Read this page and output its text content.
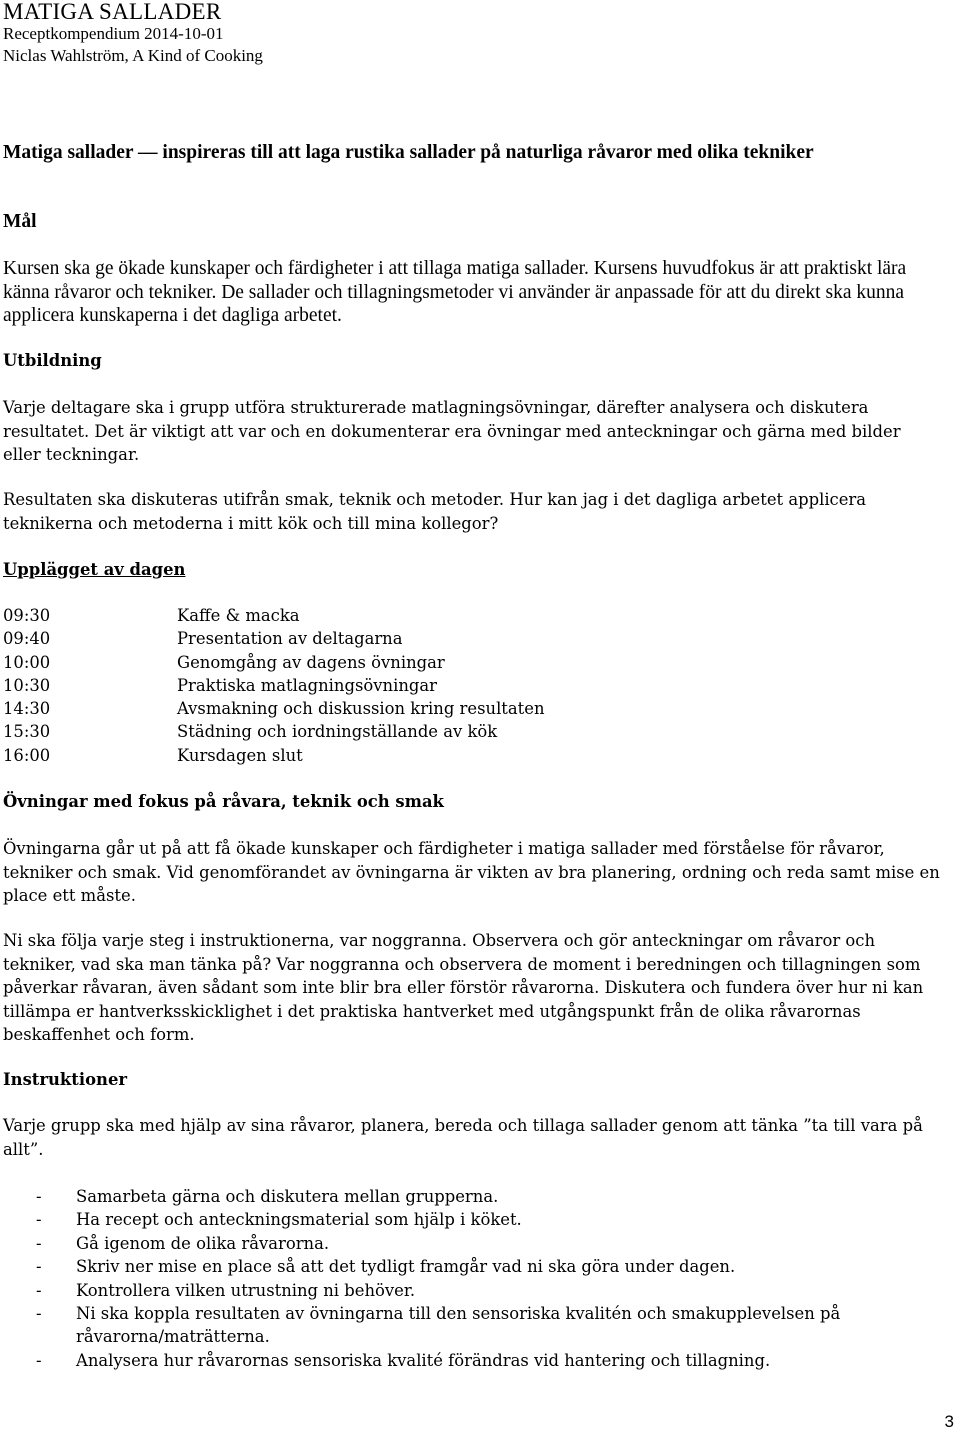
MATIGA SALLADER
Receptkompendium 2014-10-01
Niclas Wahlström, A Kind of Cooking

Matiga sallader — inspireras till att laga rustika sallader på naturliga råvaror med olika tekniker

Mål

Kursen ska ge ökade kunskaper och färdigheter i att tillaga matiga sallader. Kursens huvudfokus är att praktiskt lära känna råvaror och tekniker. De sallader och tillagningsmetoder vi använder är anpassade för att du direkt ska kunna applicera kunskaperna i det dagliga arbetet.

Utbildning

Varje deltagare ska i grupp utföra strukturerade matlagningsövningar, därefter analysera och diskutera resultatet. Det är viktigt att var och en dokumenterar era övningar med anteckningar och gärna med bilder eller teckningar.

Resultaten ska diskuteras utifrån smak, teknik och metoder. Hur kan jag i det dagliga arbetet applicera teknikerna och metoderna i mitt kök och till mina kollegor?

Upplägget av dagen

09:30	Kaffe & macka
09:40	Presentation av deltagarna
10:00	Genomgång av dagens övningar
10:30	Praktiska matlagningsövningar
14:30	Avsmakning och diskussion kring resultaten
15:30	Städning och iordningställande av kök
16:00	Kursdagen slut

Övningar med fokus på råvara, teknik och smak

Övningarna går ut på att få ökade kunskaper och färdigheter i matiga sallader med förståelse för råvaror, tekniker och smak. Vid genomförandet av övningarna är vikten av bra planering, ordning och reda samt mise en place ett måste.

Ni ska följa varje steg i instruktionerna, var noggranna. Observera och gör anteckningar om råvaror och tekniker, vad ska man tänka på? Var noggranna och observera de moment i beredningen och tillagningen som påverkar råvaran, även sådant som inte blir bra eller förstör råvarorna. Diskutera och fundera över hur ni kan tillämpa er hantverksskicklighet i det praktiska hantverket med utgångspunkt från de olika råvarornas beskaffenhet och form.

Instruktioner

Varje grupp ska med hjälp av sina råvaror, planera, bereda och tillaga sallader genom att tänka ”ta till vara på allt”.

- Samarbeta gärna och diskutera mellan grupperna.
- Ha recept och anteckningsmaterial som hjälp i köket.
- Gå igenom de olika råvarorna.
- Skriv ner mise en place så att det tydligt framgår vad ni ska göra under dagen.
- Kontrollera vilken utrustning ni behöver.
- Ni ska koppla resultaten av övningarna till den sensoriska kvalitén och smakupplevelsen på råvarorna/maträtterna.
- Analysera hur råvarornas sensoriska kvalité förändras vid hantering och tillagning.
3
